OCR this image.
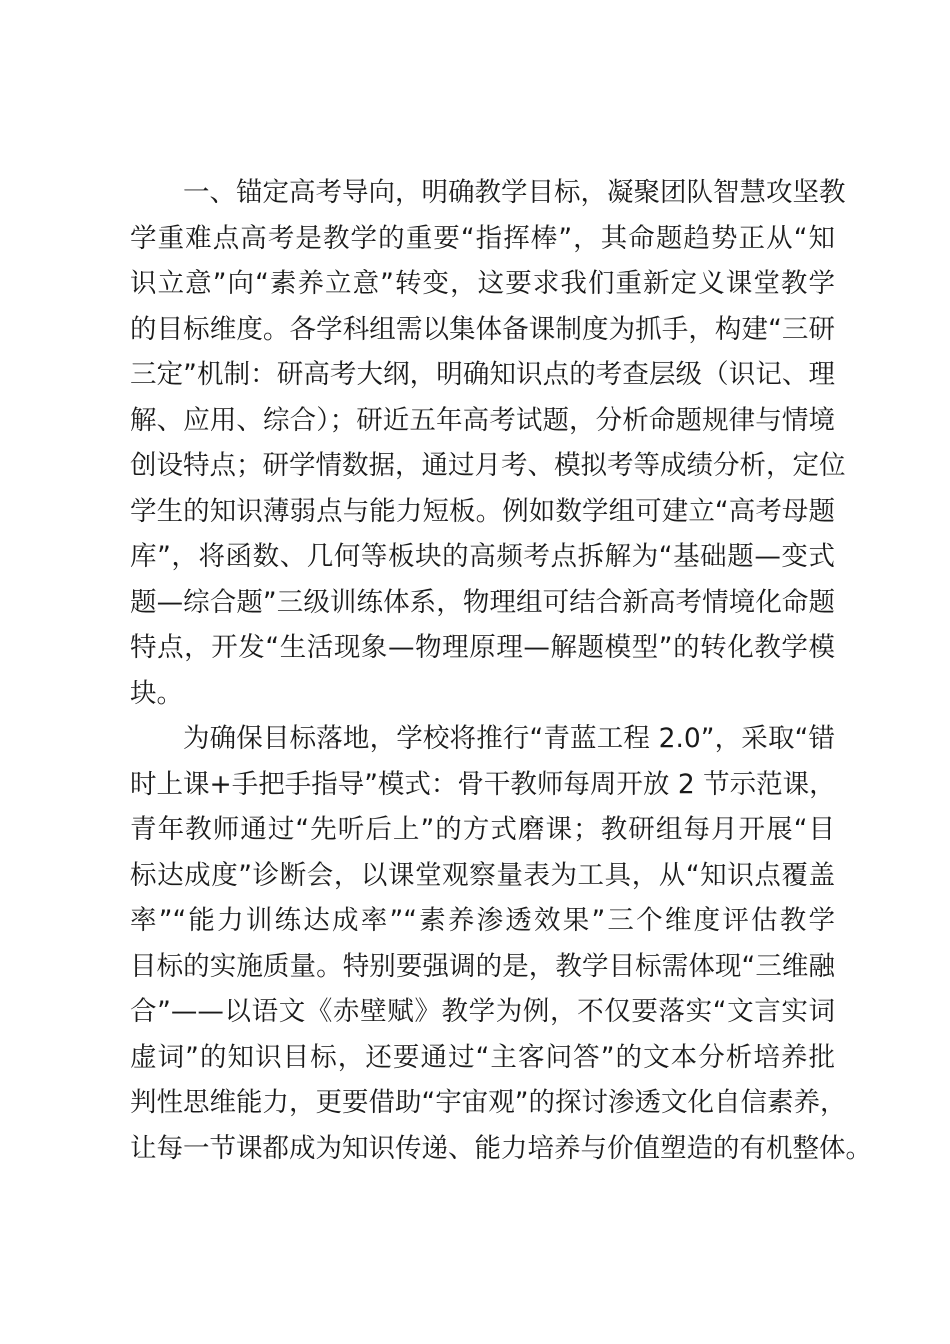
一、锚定高考导向，明确教学目标，凝聚团队智慧攻坚教
学重难点高考是教学的重要“指挥棒”，其命题趋势正从“知
识立意”向“素养立意”转变，这要求我们重新定义课堂教学
的目标维度。各学科组需以集体备课制度为抓手，构建“三研
三定”机制：研高考大纲，明确知识点的考查层级（识记、理
解、应用、综合）；研近五年高考试题，分析命题规律与情境
创设特点；研学情数据，通过月考、模拟考等成绩分析，定位
学生的知识薄弱点与能力短板。例如数学组可建立“高考母题
库”，将函数、几何等板块的高频考点拆解为“基础题—变式
题—综合题”三级训练体系，物理组可结合新高考情境化命题
特点，开发“生活现象—物理原理—解题模型”的转化教学模
块。
为确保目标落地，学校将推行“青蓝工程 2.0”，采取“错
时上课+手把手指导”模式：骨干教师每周开放 2 节示范课，
青年教师通过“先听后上”的方式磨课；教研组每月开展“目
标达成度”诊断会，以课堂观察量表为工具，从“知识点覆盖
率”“能力训练达成率”“素养渗透效果”三个维度评估教学
目标的实施质量。特别要强调的是，教学目标需体现“三维融
合”——以语文《赤壁赋》教学为例，不仅要落实“文言实词
虚词”的知识目标，还要通过“主客问答”的文本分析培养批
判性思维能力，更要借助“宇宙观”的探讨渗透文化自信素养，
让每一节课都成为知识传递、能力培养与价值塑造的有机整体。
